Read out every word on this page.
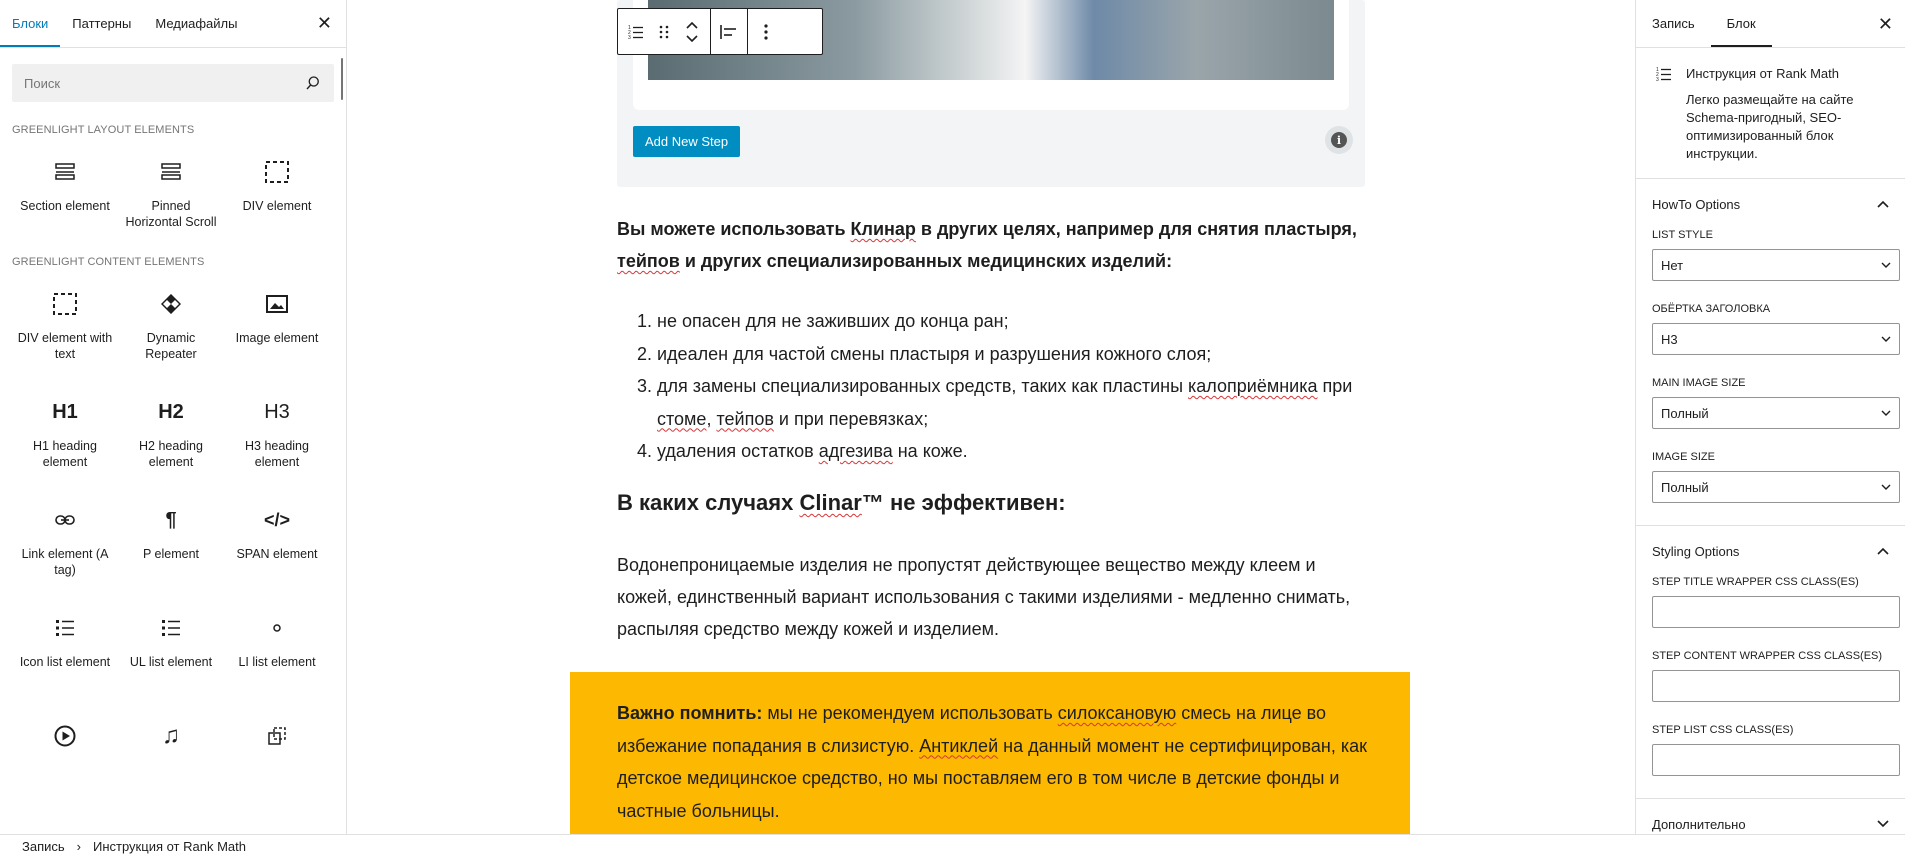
Блоки	Паттерны	Медиафайлы	✕
Поиск
GREENLIGHT LAYOUT ELEMENTS
Section element	Pinned Horizontal Scroll
DIV element
GREENLIGHT CONTENT ELEMENTS
DIV element with text
Dynamic Repeater
Image element
H1
H1 heading element
H2
H2 heading element
H3
H3 heading element
Link element (A tag)
¶
P element
</>
SPAN element
Icon list element	UL list element	LI list element
♫
Add New Step	i
1
2
3

Вы можете использовать Клинар в других целях, например для снятия пластыря, тейпов и других специализированных медицинских изделий:

1. не опасен для не заживших до конца ран;
2. идеален для частой смены пластыря и разрушения кожного слоя;
3. для замены специализированных средств, таких как пластины калоприёмника при стоме, тейпов и при перевязках;
4. удаления остатков адгезива на коже.
В каких случаях Clinar™ не эффективен:

Водонепроницаемые изделия не пропустят действующее вещество между клеем и кожей, единственный вариант использования с такими изделиями - медленно снимать, распыляя средство между кожей и изделием.

Важно помнить: мы не рекомендуем использовать силоксановую смесь на лице во избежание попадания в слизистую. Антиклей на данный момент не сертифицирован, как детское медицинское средство, но мы поставляем его в том числе в детские фонды и частные больницы.

Запись	Блок	✕
1
2
3 Инструкция от Rank Math
Легко размещайте на сайте Schema-пригодный, SEO-оптимизированный блок инструкции.
HowTo Options
LIST STYLE
Нет
ОБЁРТКА ЗАГОЛОВКА
H3
MAIN IMAGE SIZE
Полный
IMAGE SIZE
Полный
Styling Options
STEP TITLE WRAPPER CSS CLASS(ES)
STEP CONTENT WRAPPER CSS CLASS(ES)
STEP LIST CSS CLASS(ES)
Дополнительно
Запись › Инструкция от Rank Math
